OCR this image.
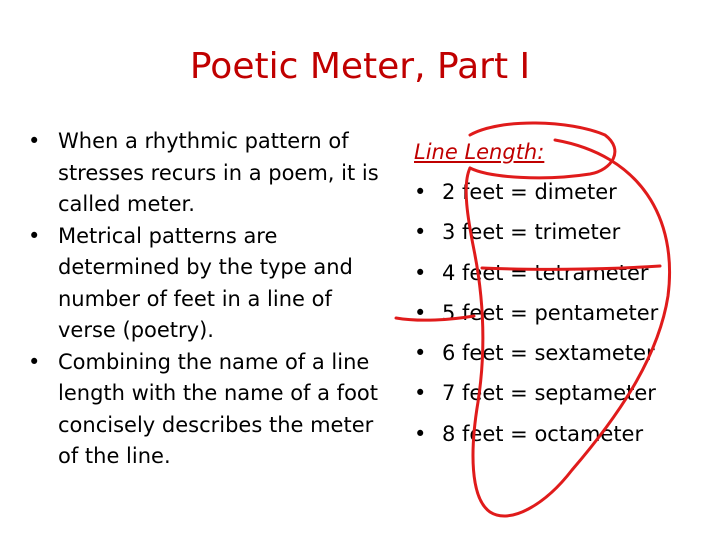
Poetic Meter, Part I
• When a rhythmic pattern of stresses recurs in a poem, it is called meter.
• Metrical patterns are determined by the type and number of feet in a line of verse (poetry).
• Combining the name of a line length with the name of a foot concisely describes the meter of the line.
Line Length:
• 2 feet = dimeter
• 3 feet = trimeter
• 4 feet = tetrameter
• 5 feet = pentameter
• 6 feet = sextameter
• 7 feet = septameter
• 8 feet = octameter
